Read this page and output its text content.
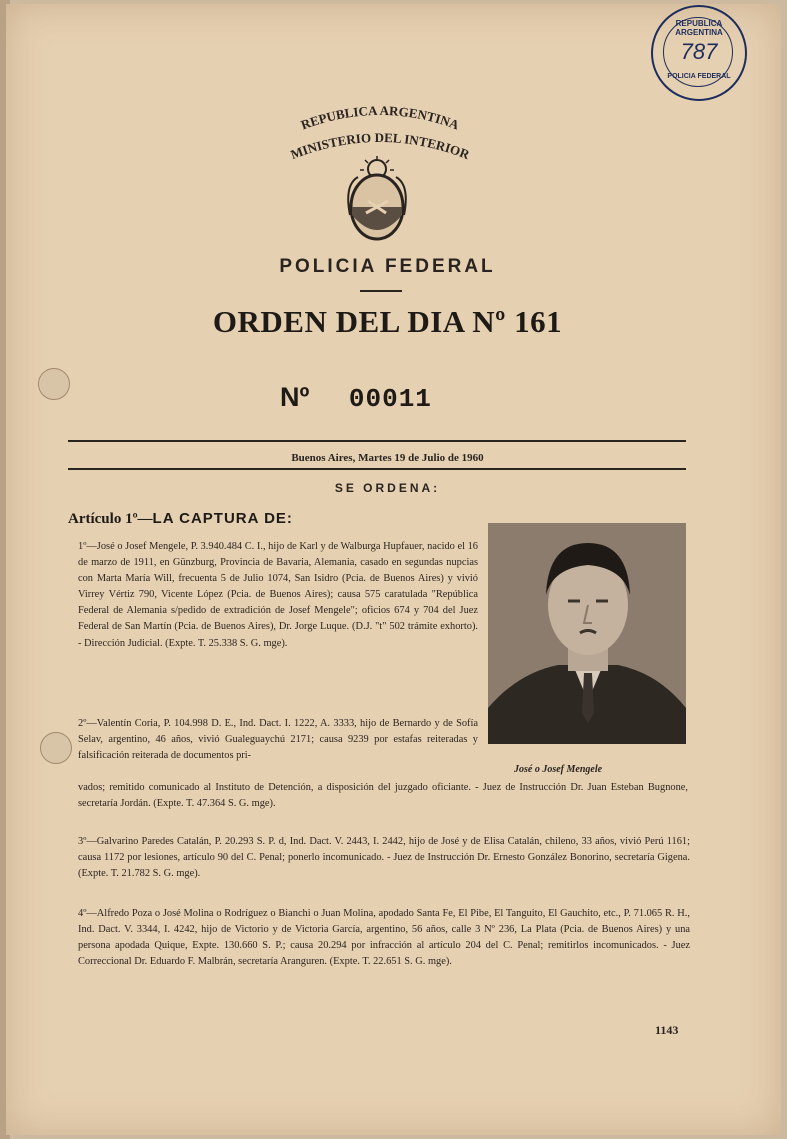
REPUBLICA ARGENTINA
787
POLICIA FEDERAL
REPUBLICA ARGENTINA
MINISTERIO DEL INTERIOR
POLICIA FEDERAL
ORDEN DEL DIA Nº 161
Nº 00011
Buenos Aires, Martes 19 de Julio de 1960
SE ORDENA:
Artículo 1º—LA CAPTURA DE:
1º—José o Josef Mengele, P. 3.940.484 C. I., hijo de Karl y de Walburga Hupfauer, nacido el 16 de marzo de 1911, en Günzburg, Provincia de Bavaria, Alemania, casado en segundas nupcias con Marta María Will, frecuenta 5 de Julio 1074, San Isidro (Pcia. de Buenos Aires) y vivió Virrey Vértiz 790, Vicente López (Pcia. de Buenos Aires); causa 575 caratulada "República Federal de Alemania s/pedido de extradición de Josef Mengele"; oficios 674 y 704 del Juez Federal de San Martín (Pcia. de Buenos Aires), Dr. Jorge Luque. (D.J. "t" 502 trámite exhorto). - Dirección Judicial. (Expte. T. 25.338 S. G. mge).
José o Josef Mengele
2º—Valentín Coria, P. 104.998 D. E., Ind. Dact. I. 1222, A. 3333, hijo de Bernardo y de Sofía Selav, argentino, 46 años, vivió Gualeguaychú 2171; causa 9239 por estafas reiteradas y falsificación reiterada de documentos pri-
vados; remitido comunicado al Instituto de Detención, a disposición del juzgado oficiante. - Juez de Instrucción Dr. Juan Esteban Bugnone, secretaría Jordán. (Expte. T. 47.364 S. G. mge).
3º—Galvarino Paredes Catalán, P. 20.293 S. P. d, Ind. Dact. V. 2443, I. 2442, hijo de José y de Elisa Catalán, chileno, 33 años, vivió Perú 1161; causa 1172 por lesiones, artículo 90 del C. Penal; ponerlo incomunicado. - Juez de Instrucción Dr. Ernesto González Bonorino, secretaría Gigena. (Expte. T. 21.782 S. G. mge).
4º—Alfredo Poza o José Molina o Rodríguez o Bianchi o Juan Molina, apodado Santa Fe, El Pibe, El Tanguito, El Gauchito, etc., P. 71.065 R. H., Ind. Dact. V. 3344, I. 4242, hijo de Victorio y de Victoria García, argentino, 56 años, calle 3 Nº 236, La Plata (Pcia. de Buenos Aires) y una persona apodada Quique, Expte. 130.660 S. P.; causa 20.294 por infracción al artículo 204 del C. Penal; remitirlos incomunicados. - Juez Correccional Dr. Eduardo F. Malbrán, secretaría Aranguren. (Expte. T. 22.651 S. G. mge).
1143
